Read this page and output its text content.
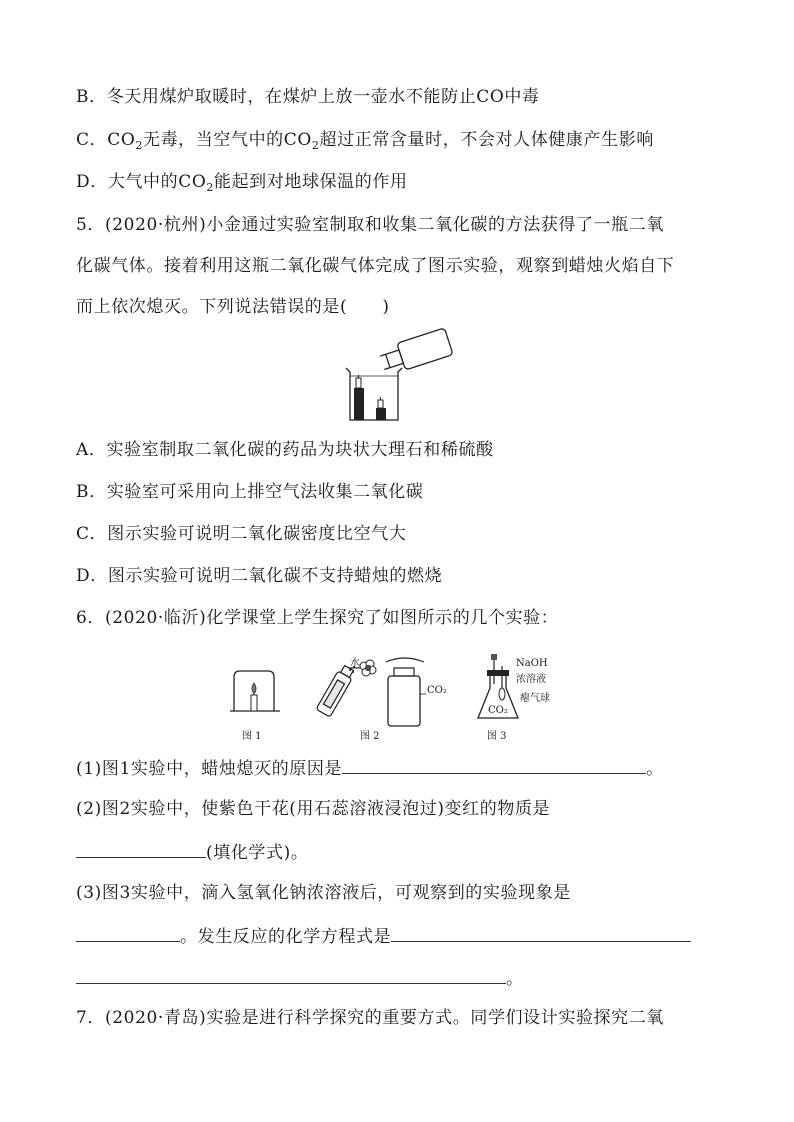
B．冬天用煤炉取暖时，在煤炉上放一壶水不能防止CO中毒
C．$CO_2$无毒，当空气中的$CO_2$超过正常含量时，不会对人体健康产生影响
D．大气中的$CO_2$能起到对地球保温的作用
5．(2020·杭州)小金通过实验室制取和收集二氧化碳的方法获得了一瓶二氧
化碳气体。接着利用这瓶二氧化碳气体完成了图示实验，观察到蜡烛火焰自下
而上依次熄灭。下列说法错误的是(　　)
A．实验室制取二氧化碳的药品为块状大理石和稀硫酸
B．实验室可采用向上排空气法收集二氧化碳
C．图示实验可说明二氧化碳密度比空气大
D．图示实验可说明二氧化碳不支持蜡烛的燃烧
6．(2020·临沂)化学课堂上学生探究了如图所示的几个实验：
图 1
水
CO₂
图 2
NaOH
浓溶液
瘪气球
CO₂
图 3
(1)图1实验中，蜡烛熄灭的原因是	。
(2)图2实验中，使紫色干花(用石蕊溶液浸泡过)变红的物质是
(填化学式)。
(3)图3实验中，滴入氢氧化钠浓溶液后，可观察到的实验现象是
。发生反应的化学方程式是
。
7．(2020·青岛)实验是进行科学探究的重要方式。同学们设计实验探究二氧
